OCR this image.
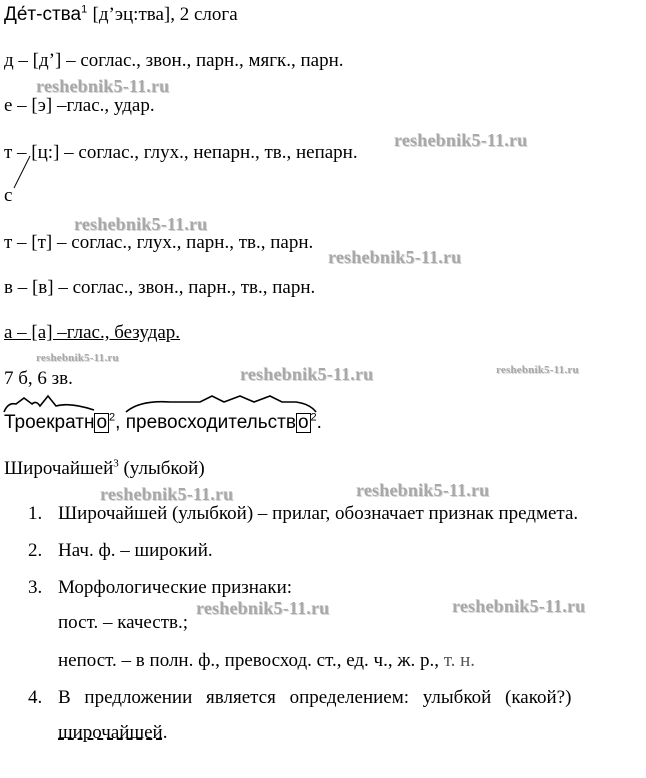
Де́т-ства$^1$ [д’эц:тва], 2 слога
д – [д’] – соглас., звон., парн., мягк., парн.
е – [э] –глас., удар.
т – [ц:] – соглас., глух., непарн., тв., непарн.
с
т – [т] – соглас., глух., парн., тв., парн.
в – [в] – соглас., звон., парн., тв., парн.
а – [а] –глас., безудар.
7 б, 6 зв.
Троекратн о $^2$, превосходительств о $^2$.
Широчайшей$^3$ (улыбкой)
1. Широчайшей (улыбкой) – прилаг, обозначает признак предмета.
2. Нач. ф. – широкий.
3. Морфологические признаки:
пост. – качеств.;
непост. – в полн. ф., превосход. ст., ед. ч., ж. р., т. н.
4. В предложении является определением: улыбкой (какой?)
широчайшей.
reshebnik5-11.ru
reshebnik5-11.ru
reshebnik5-11.ru
reshebnik5-11.ru
reshebnik5-11.ru
reshebnik5-11.ru	reshebnik5-11.ru
reshebnik5-11.ru	reshebnik5-11.ru
reshebnik5-11.ru	reshebnik5-11.ru
